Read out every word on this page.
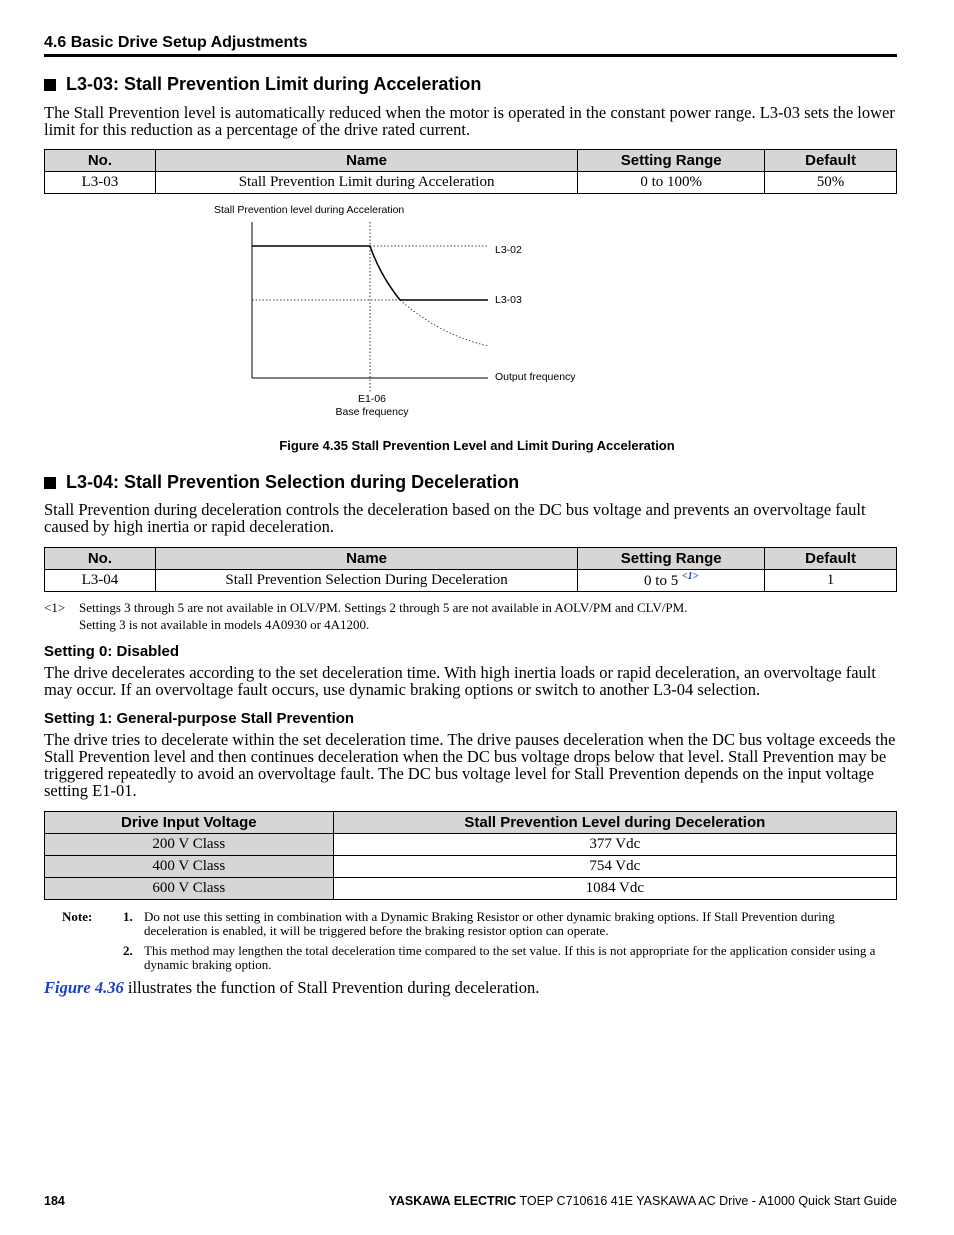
4.6 Basic Drive Setup Adjustments
L3-03: Stall Prevention Limit during Acceleration
The Stall Prevention level is automatically reduced when the motor is operated in the constant power range. L3-03 sets the lower limit for this reduction as a percentage of the drive rated current.
No.	Name	Setting Range	Default
L3-03	Stall Prevention Limit during Acceleration	0 to 100%	50%
Stall Prevention level during Acceleration
L3-02
L3-03
Output frequency
E1-06
Base frequency
Figure 4.35 Stall Prevention Level and Limit During Acceleration
L3-04: Stall Prevention Selection during Deceleration
Stall Prevention during deceleration controls the deceleration based on the DC bus voltage and prevents an overvoltage fault caused by high inertia or rapid deceleration.
No.	Name	Setting Range	Default
L3-04	Stall Prevention Selection During Deceleration	0 to 5 $^{<1>}$	1
<1> Settings 3 through 5 are not available in OLV/PM. Settings 2 through 5 are not available in AOLV/PM and CLV/PM.
Setting 3 is not available in models 4A0930 or 4A1200.
Setting 0: Disabled
The drive decelerates according to the set deceleration time. With high inertia loads or rapid deceleration, an overvoltage fault may occur. If an overvoltage fault occurs, use dynamic braking options or switch to another L3-04 selection.
Setting 1: General-purpose Stall Prevention
The drive tries to decelerate within the set deceleration time. The drive pauses deceleration when the DC bus voltage exceeds the Stall Prevention level and then continues deceleration when the DC bus voltage drops below that level. Stall Prevention may be triggered repeatedly to avoid an overvoltage fault. The DC bus voltage level for Stall Prevention depends on the input voltage setting E1-01.
Drive Input Voltage	Stall Prevention Level during Deceleration
200 V Class	377 Vdc
400 V Class	754 Vdc
600 V Class	1084 Vdc
Note: 1. Do not use this setting in combination with a Dynamic Braking Resistor or other dynamic braking options. If Stall Prevention during deceleration is enabled, it will be triggered before the braking resistor option can operate.
2. This method may lengthen the total deceleration time compared to the set value. If this is not appropriate for the application consider using a dynamic braking option.
Figure 4.36 illustrates the function of Stall Prevention during deceleration.
184	YASKAWA ELECTRIC TOEP C710616 41E YASKAWA AC Drive - A1000 Quick Start Guide
